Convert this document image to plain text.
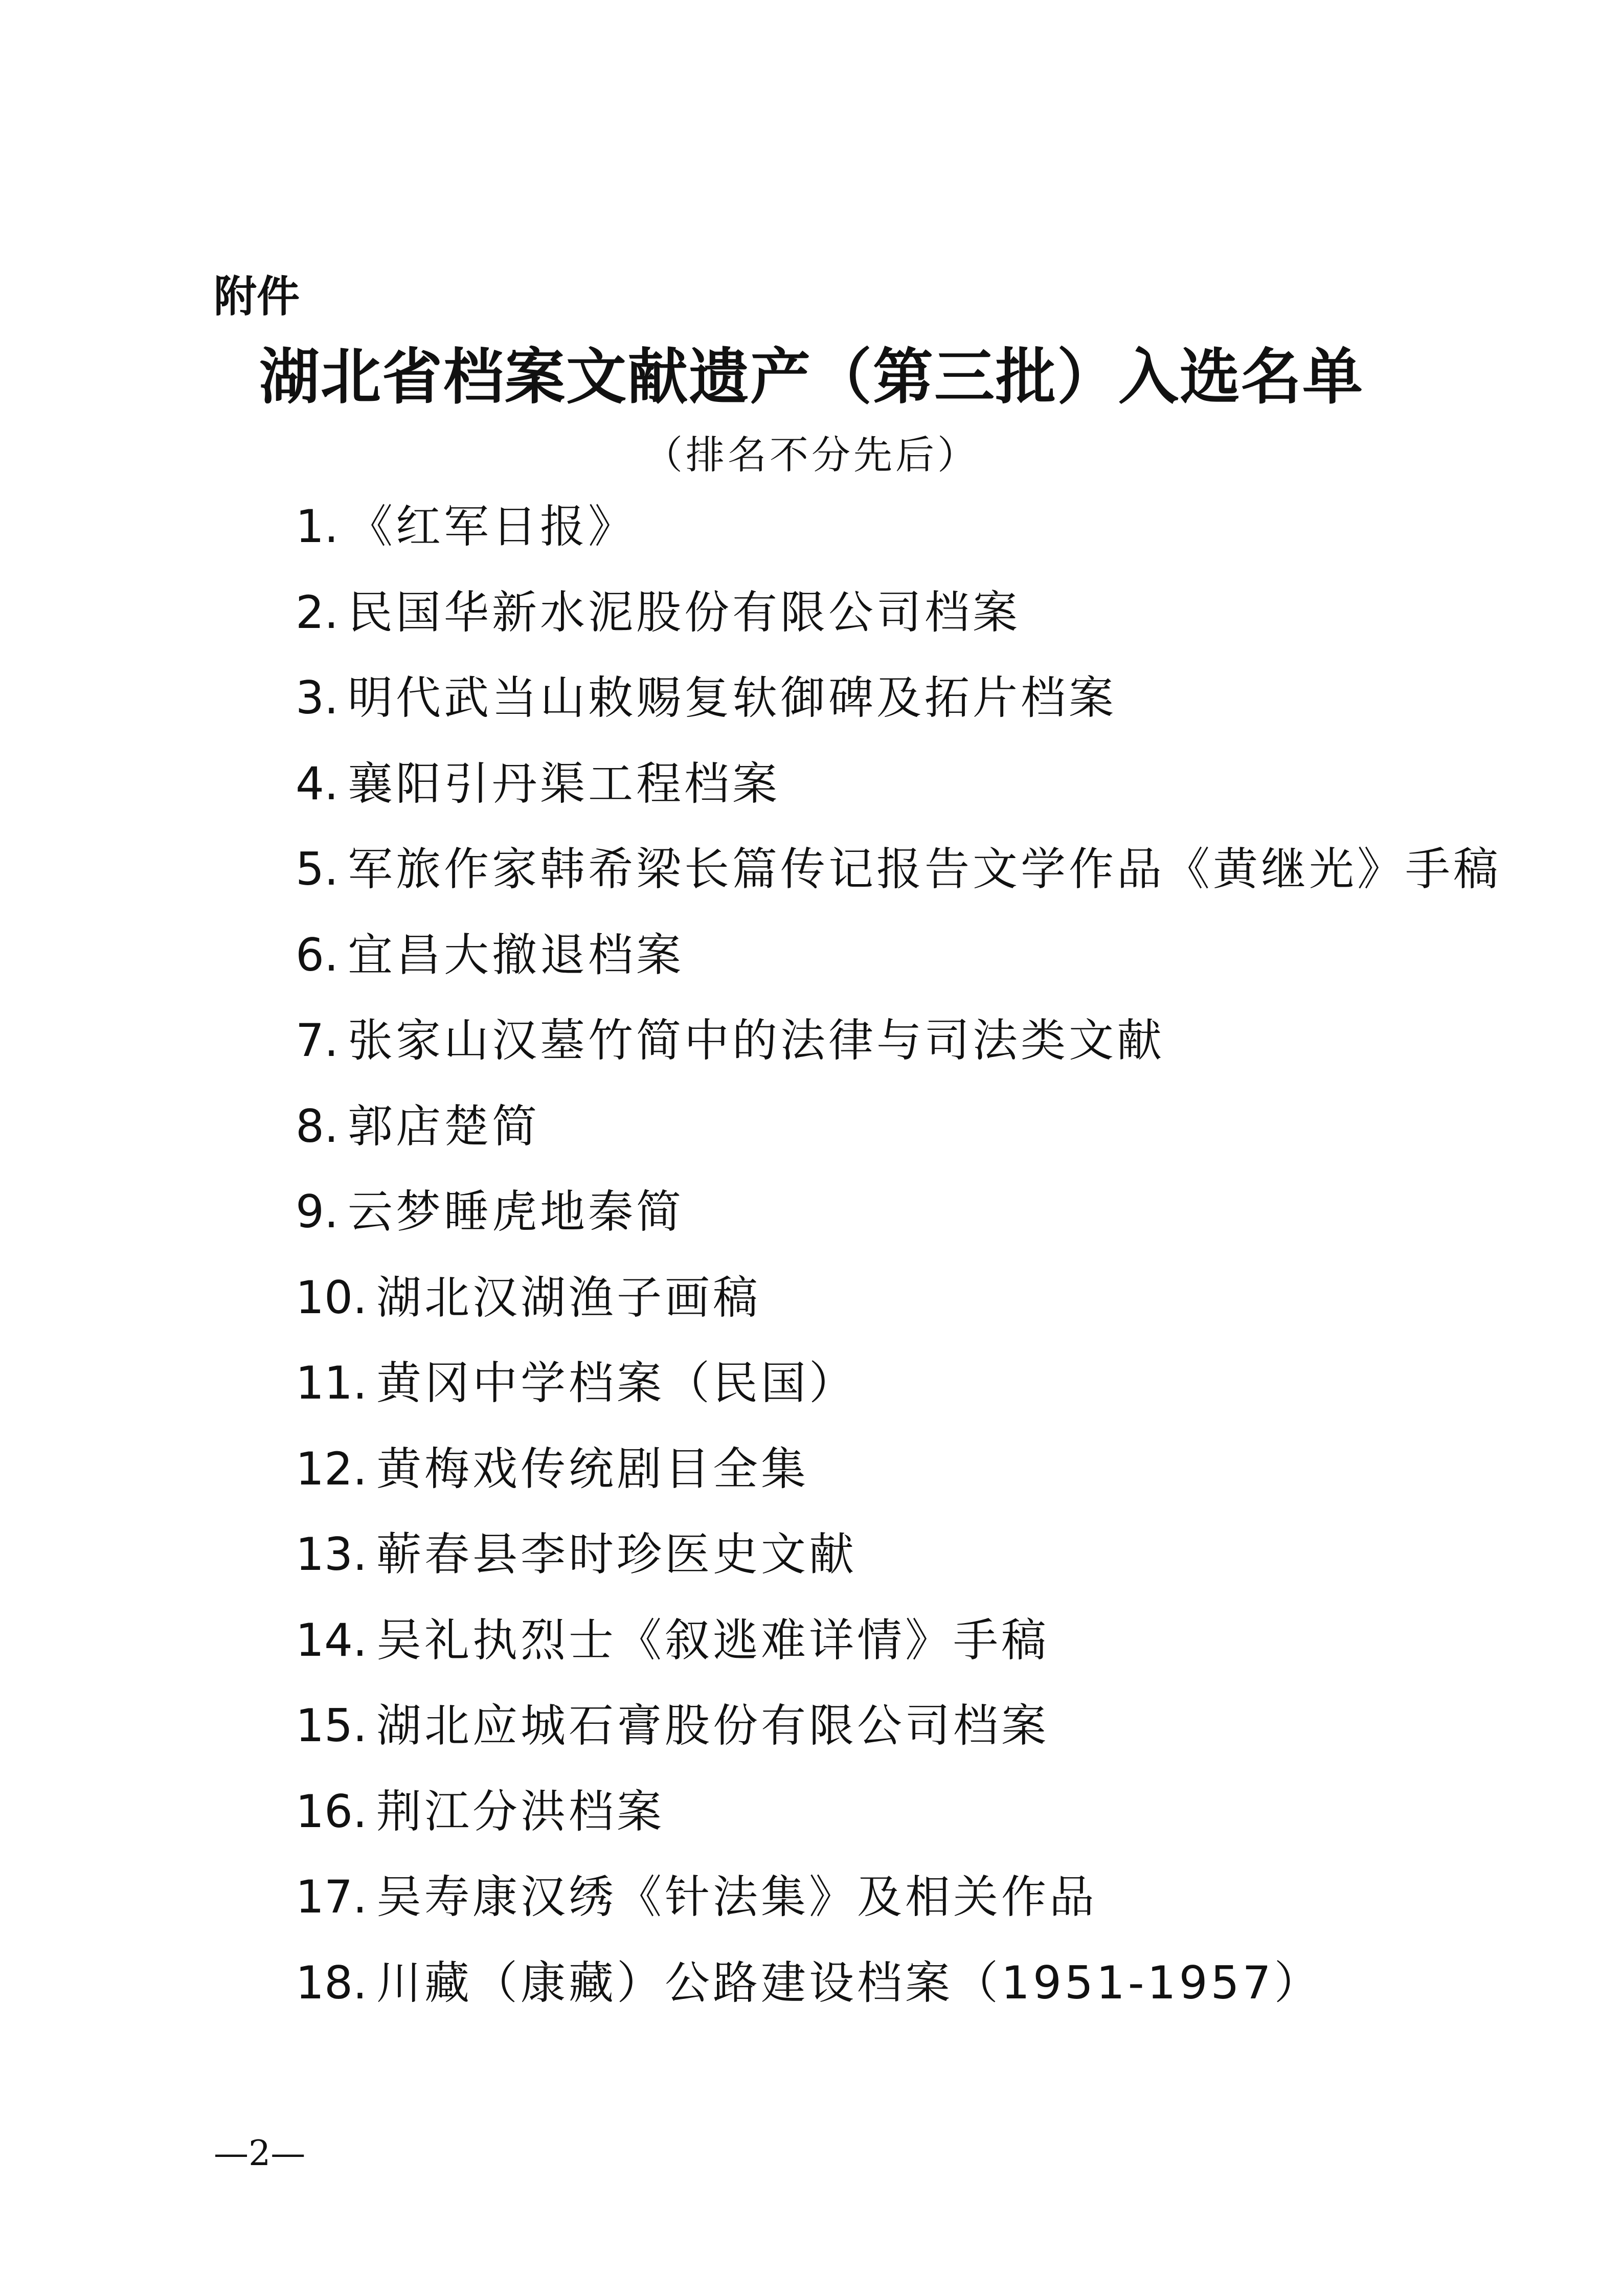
附件
湖北省档案文献遗产（第三批）入选名单
（排名不分先后）
1. 《红军日报》
2. 民国华新水泥股份有限公司档案
3. 明代武当山敕赐复轪御碑及拓片档案
4. 襄阳引丹渠工程档案
5. 军旅作家韩希梁长篇传记报告文学作品《黄继光》手稿
6. 宜昌大撤退档案
7. 张家山汉墓竹简中的法律与司法类文献
8. 郭店楚简
9. 云梦睡虎地秦简
10. 湖北汉湖渔子画稿
11. 黄冈中学档案（民国）
12. 黄梅戏传统剧目全集
13. 蕲春县李时珍医史文献
14. 吴礼执烈士《叙逃难详情》手稿
15. 湖北应城石膏股份有限公司档案
16. 荆江分洪档案
17. 吴寿康汉绣《针法集》及相关作品
18. 川藏（康藏）公路建设档案（1951-1957）
—2—
